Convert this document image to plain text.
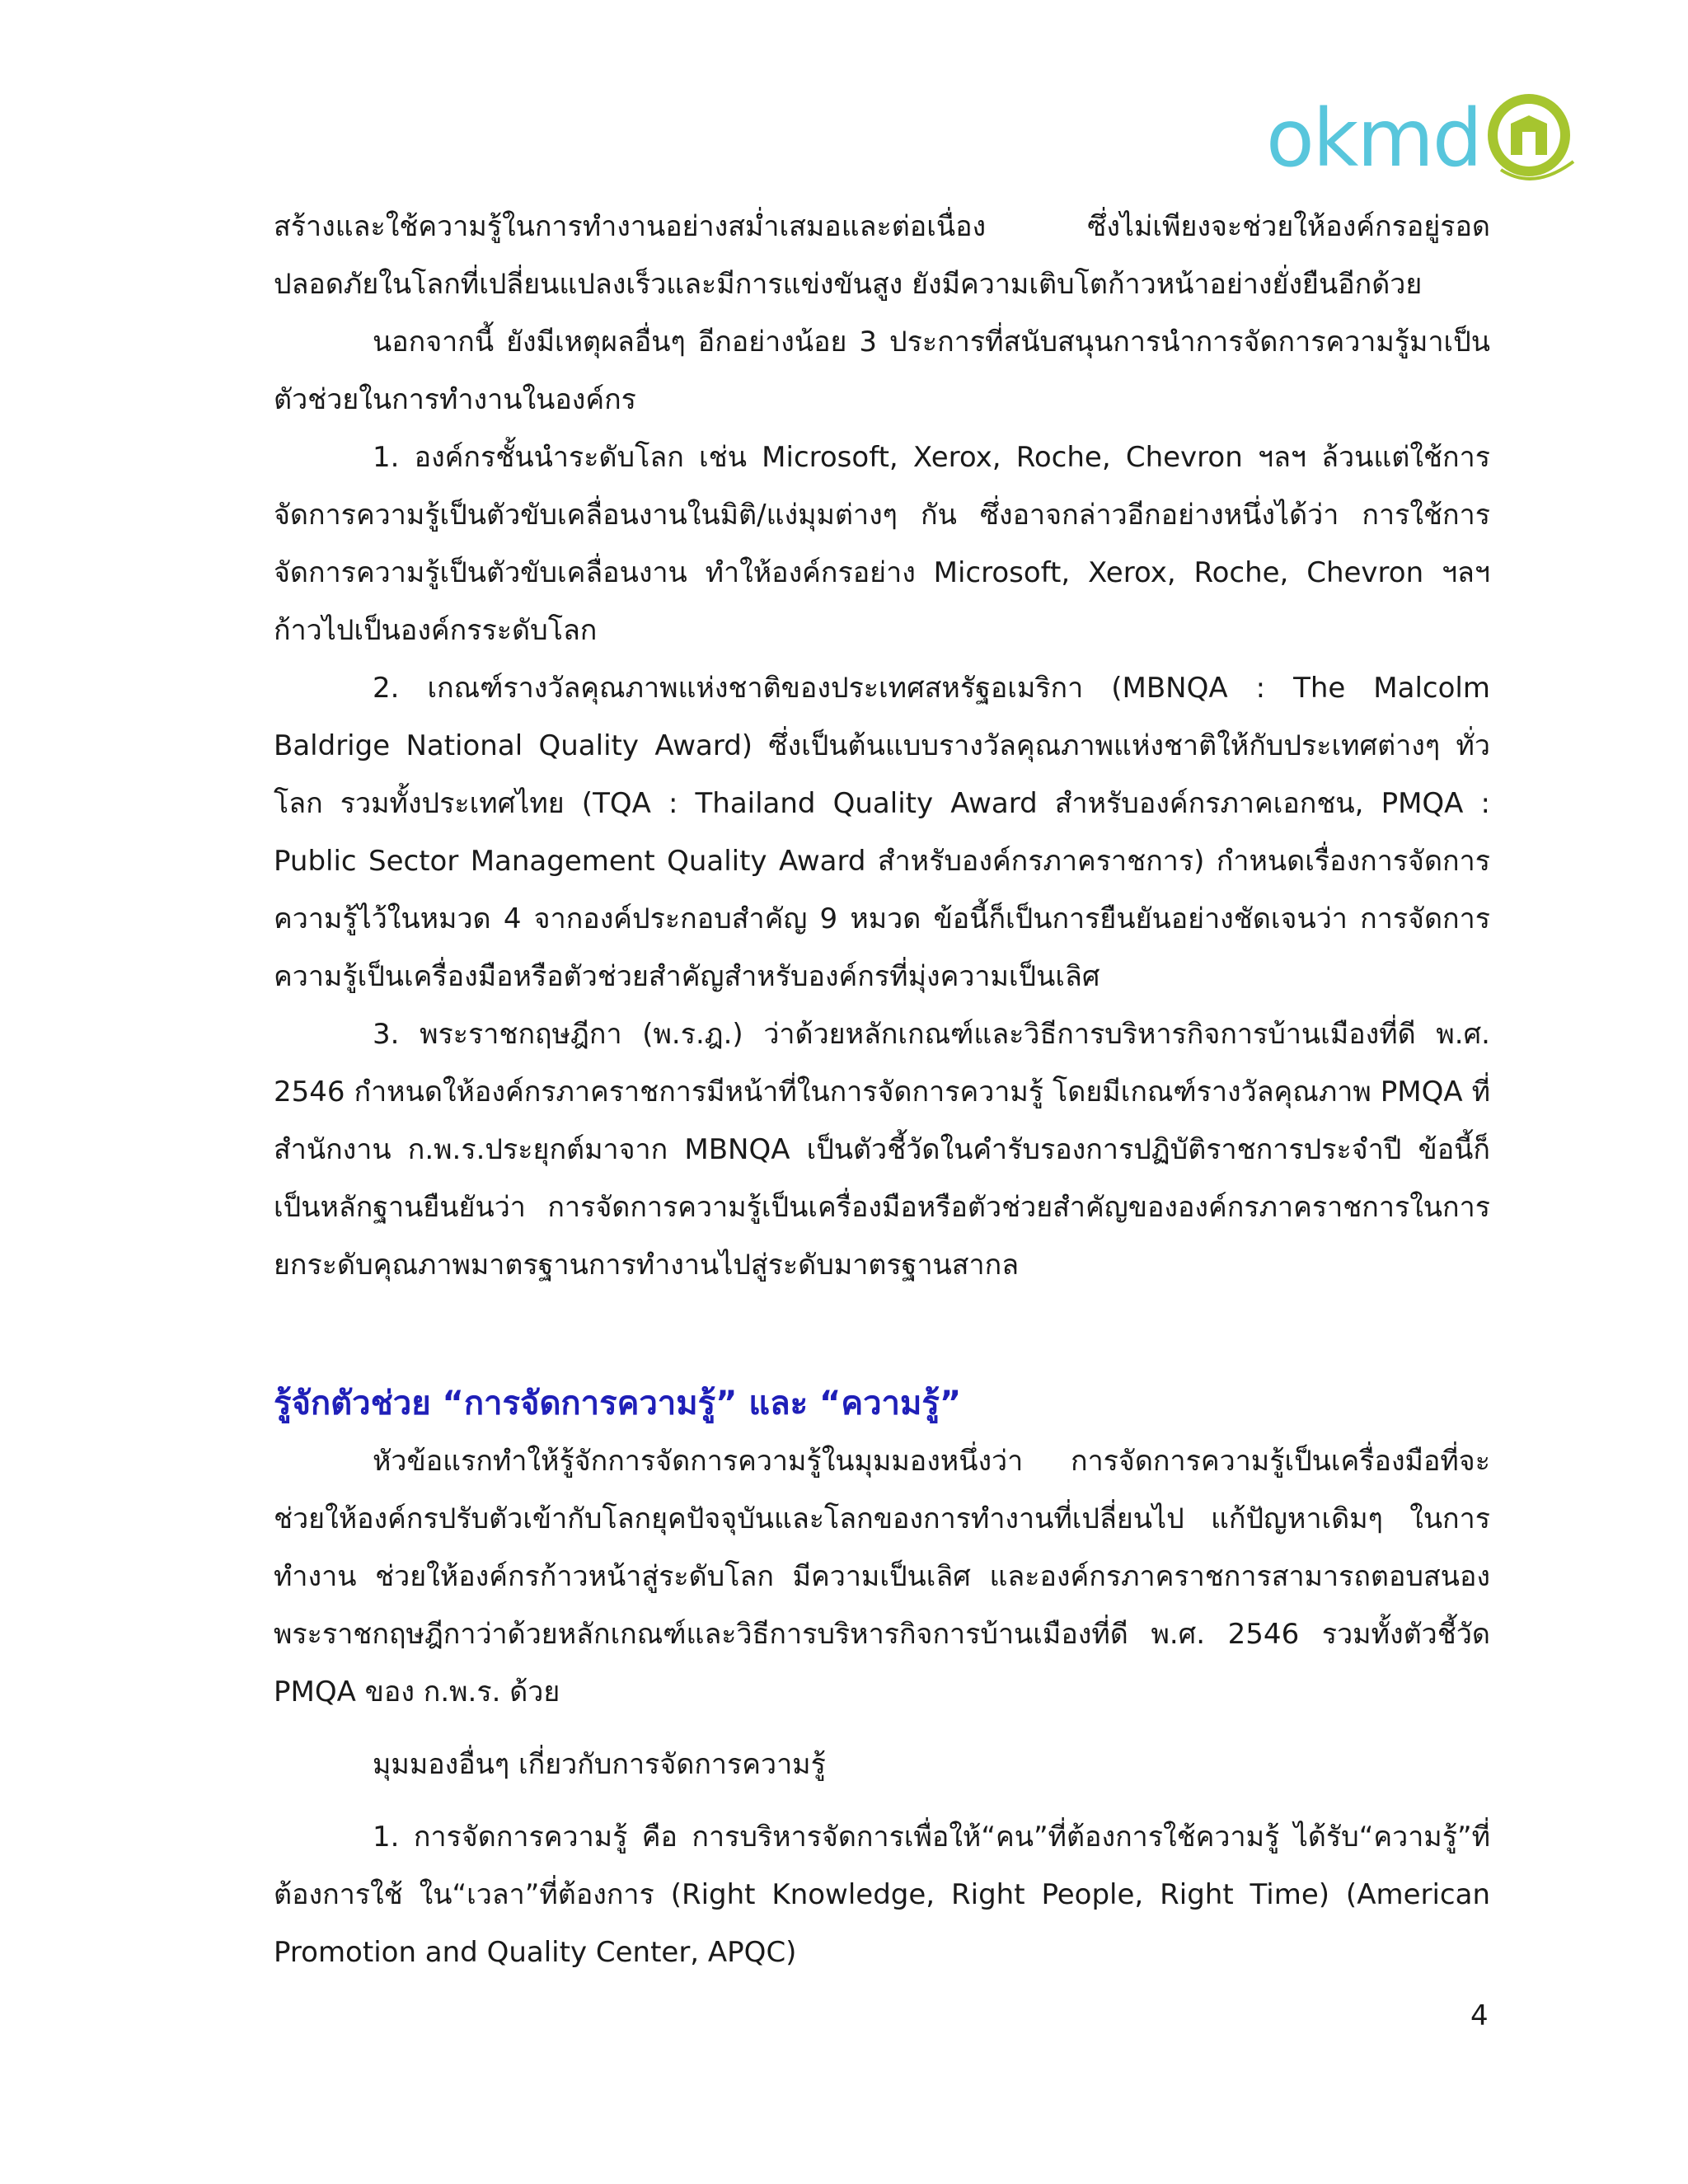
okmd

สร้างและใช้ความรู้ในการทำงานอย่างสม่ำเสมอและต่อเนื่อง ซึ่งไม่เพียงจะช่วยให้องค์กรอยู่รอดปลอดภัยในโลกที่เปลี่ยนแปลงเร็วและมีการแข่งขันสูง ยังมีความเติบโตก้าวหน้าอย่างยั่งยืนอีกด้วย

นอกจากนี้ ยังมีเหตุผลอื่นๆ อีกอย่างน้อย 3 ประการที่สนับสนุนการนำการจัดการความรู้มาเป็นตัวช่วยในการทำงานในองค์กร

1. องค์กรชั้นนำระดับโลก เช่น Microsoft, Xerox, Roche, Chevron ฯลฯ ล้วนแต่ใช้การจัดการความรู้เป็นตัวขับเคลื่อนงานในมิติ/แง่มุมต่างๆ กัน ซึ่งอาจกล่าวอีกอย่างหนึ่งได้ว่า การใช้การจัดการความรู้เป็นตัวขับเคลื่อนงาน ทำให้องค์กรอย่าง Microsoft, Xerox, Roche, Chevron ฯลฯ ก้าวไปเป็นองค์กรระดับโลก

2. เกณฑ์รางวัลคุณภาพแห่งชาติของประเทศสหรัฐอเมริกา (MBNQA : The Malcolm Baldrige National Quality Award) ซึ่งเป็นต้นแบบรางวัลคุณภาพแห่งชาติให้กับประเทศต่างๆ ทั่วโลก รวมทั้งประเทศไทย (TQA : Thailand Quality Award สำหรับองค์กรภาคเอกชน, PMQA : Public Sector Management Quality Award สำหรับองค์กรภาคราชการ) กำหนดเรื่องการจัดการความรู้ไว้ในหมวด 4 จากองค์ประกอบสำคัญ 9 หมวด ข้อนี้ก็เป็นการยืนยันอย่างชัดเจนว่า การจัดการความรู้เป็นเครื่องมือหรือตัวช่วยสำคัญสำหรับองค์กรที่มุ่งความเป็นเลิศ

3. พระราชกฤษฎีกา (พ.ร.ฎ.) ว่าด้วยหลักเกณฑ์และวิธีการบริหารกิจการบ้านเมืองที่ดี พ.ศ. 2546 กำหนดให้องค์กรภาคราชการมีหน้าที่ในการจัดการความรู้ โดยมีเกณฑ์รางวัลคุณภาพ PMQA ที่สำนักงาน ก.พ.ร.ประยุกต์มาจาก MBNQA เป็นตัวชี้วัดในคำรับรองการปฏิบัติราชการประจำปี ข้อนี้ก็เป็นหลักฐานยืนยันว่า การจัดการความรู้เป็นเครื่องมือหรือตัวช่วยสำคัญขององค์กรภาคราชการในการยกระดับคุณภาพมาตรฐานการทำงานไปสู่ระดับมาตรฐานสากล

รู้จักตัวช่วย “การจัดการความรู้” และ “ความรู้”

หัวข้อแรกทำให้รู้จักการจัดการความรู้ในมุมมองหนึ่งว่า การจัดการความรู้เป็นเครื่องมือที่จะช่วยให้องค์กรปรับตัวเข้ากับโลกยุคปัจจุบันและโลกของการทำงานที่เปลี่ยนไป แก้ปัญหาเดิมๆ ในการทำงาน ช่วยให้องค์กรก้าวหน้าสู่ระดับโลก มีความเป็นเลิศ และองค์กรภาคราชการสามารถตอบสนองพระราชกฤษฎีกาว่าด้วยหลักเกณฑ์และวิธีการบริหารกิจการบ้านเมืองที่ดี พ.ศ. 2546 รวมทั้งตัวชี้วัด PMQA ของ ก.พ.ร. ด้วย

มุมมองอื่นๆ เกี่ยวกับการจัดการความรู้

1. การจัดการความรู้ คือ การบริหารจัดการเพื่อให้“คน”ที่ต้องการใช้ความรู้ ได้รับ“ความรู้”ที่ต้องการใช้ ใน“เวลา”ที่ต้องการ (Right Knowledge, Right People, Right Time) (American Promotion and Quality Center, APQC)

4
